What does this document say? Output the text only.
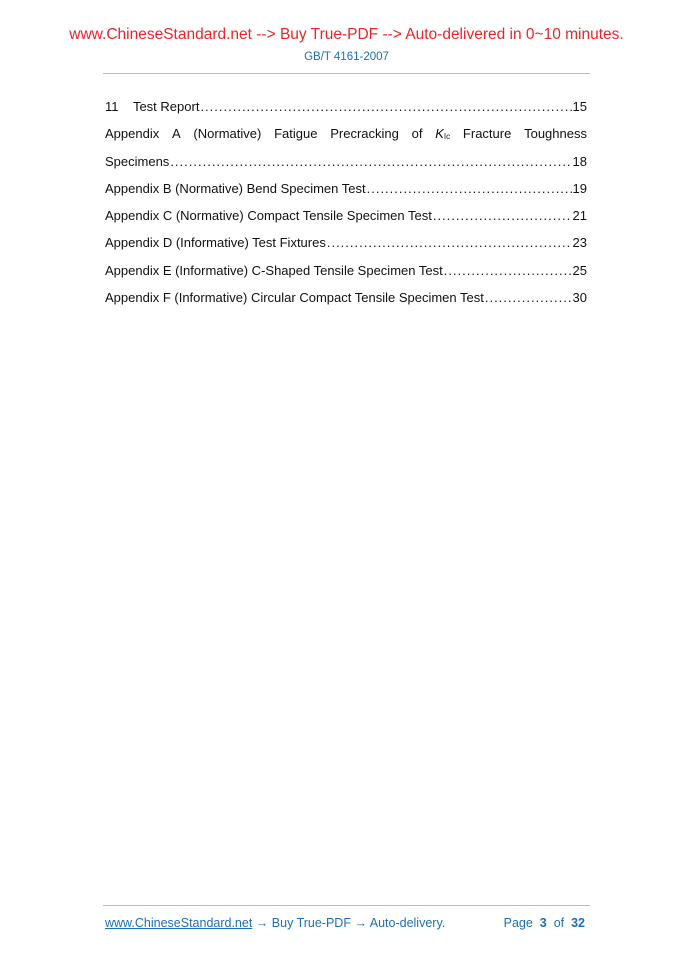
www.ChineseStandard.net --> Buy True-PDF --> Auto-delivered in 0~10 minutes.
GB/T 4161-2007
11
Test Report .....	15
Appendix A (Normative) Fatigue Precracking of $K_{Ic}$ Fracture Toughness
Specimens .....	18
Appendix B (Normative) Bend Specimen Test .....	19
Appendix C (Normative) Compact Tensile Specimen Test .....	21
Appendix D (Informative) Test Fixtures .....	23
Appendix E (Informative) C-Shaped Tensile Specimen Test .....	25
Appendix F (Informative) Circular Compact Tensile Specimen Test .....	30
www.ChineseStandard.net → Buy True-PDF → Auto-delivery.	Page 3 of 32
